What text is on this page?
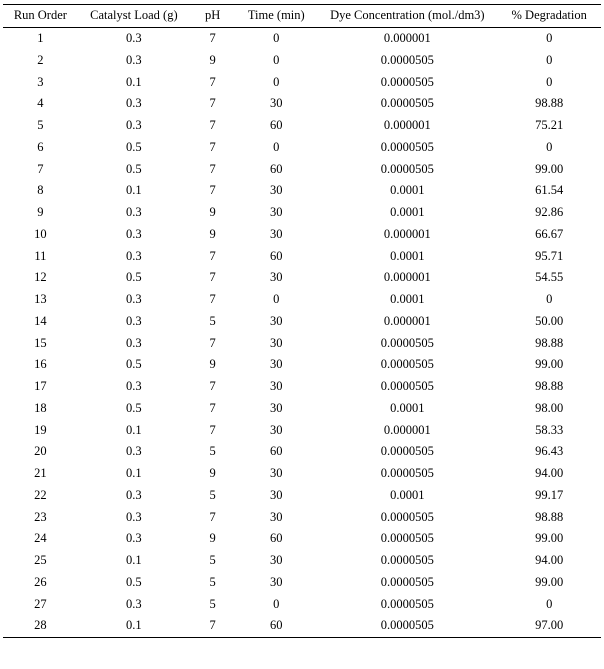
Run Order	Catalyst Load (g)	pH	Time (min)	Dye Concentration (mol./dm3)	% Degradation
1	0.3	7	0	0.000001	0
2	0.3	9	0	0.0000505	0
3	0.1	7	0	0.0000505	0
4	0.3	7	30	0.0000505	98.88
5	0.3	7	60	0.000001	75.21
6	0.5	7	0	0.0000505	0
7	0.5	7	60	0.0000505	99.00
8	0.1	7	30	0.0001	61.54
9	0.3	9	30	0.0001	92.86
10	0.3	9	30	0.000001	66.67
11	0.3	7	60	0.0001	95.71
12	0.5	7	30	0.000001	54.55
13	0.3	7	0	0.0001	0
14	0.3	5	30	0.000001	50.00
15	0.3	7	30	0.0000505	98.88
16	0.5	9	30	0.0000505	99.00
17	0.3	7	30	0.0000505	98.88
18	0.5	7	30	0.0001	98.00
19	0.1	7	30	0.000001	58.33
20	0.3	5	60	0.0000505	96.43
21	0.1	9	30	0.0000505	94.00
22	0.3	5	30	0.0001	99.17
23	0.3	7	30	0.0000505	98.88
24	0.3	9	60	0.0000505	99.00
25	0.1	5	30	0.0000505	94.00
26	0.5	5	30	0.0000505	99.00
27	0.3	5	0	0.0000505	0
28	0.1	7	60	0.0000505	97.00
